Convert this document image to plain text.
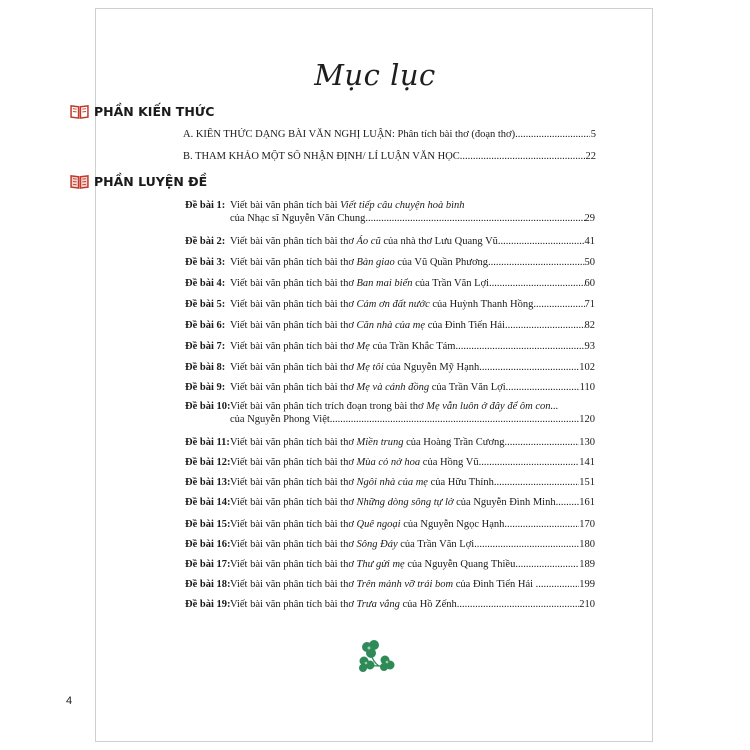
Mục lục
PHẦN KIẾN THỨC
A. KIẾN THỨC DẠNG BÀI VĂN NGHỊ LUẬN: Phân tích bài thơ (đoạn thơ) .....	5
B. THAM KHẢO MỘT SỐ NHẬN ĐỊNH/ LÍ LUẬN VĂN HỌC .....	22
PHẦN LUYỆN ĐỀ
Đề bài 1: Viết bài văn phân tích bài Viết tiếp câu chuyện hoà bình
của Nhạc sĩ Nguyễn Văn Chung .....	29
Đề bài 2: Viết bài văn phân tích bài thơ Áo cũ của nhà thơ Lưu Quang Vũ .....	41
Đề bài 3: Viết bài văn phân tích bài thơ Bàn giao của Vũ Quần Phương .....	50
Đề bài 4: Viết bài văn phân tích bài thơ Ban mai biển của Trần Văn Lợi .....	60
Đề bài 5: Viết bài văn phân tích bài thơ Cảm ơn đất nước của Huỳnh Thanh Hồng .....	71
Đề bài 6: Viết bài văn phân tích bài thơ Căn nhà của mẹ của Đinh Tiến Hải .....	82
Đề bài 7: Viết bài văn phân tích bài thơ Mẹ của Trần Khắc Tám .....	93
Đề bài 8: Viết bài văn phân tích bài thơ Mẹ tôi của Nguyễn Mỹ Hạnh .....	102
Đề bài 9: Viết bài văn phân tích bài thơ Mẹ và cánh đồng của Trần Văn Lợi .....	110
Đề bài 10: Viết bài văn phân tích trích đoạn trong bài thơ Mẹ vẫn luôn ở đây để ôm con...
của Nguyễn Phong Việt .....	120
Đề bài 11: Viết bài văn phân tích bài thơ Miền trung của Hoàng Trần Cương .....	130
Đề bài 12: Viết bài văn phân tích bài thơ Mùa cỏ nở hoa của Hồng Vũ .....	141
Đề bài 13: Viết bài văn phân tích bài thơ Ngôi nhà của mẹ của Hữu Thỉnh .....	151
Đề bài 14: Viết bài văn phân tích bài thơ Những dòng sông tự lở của Nguyễn Đình Minh ..... 161
Đề bài 15: Viết bài văn phân tích bài thơ Quê ngoại của Nguyễn Ngọc Hạnh .....	170
Đề bài 16: Viết bài văn phân tích bài thơ Sông Đáy của Trần Văn Lợi .....	180
Đề bài 17: Viết bài văn phân tích bài thơ Thư gửi mẹ của Nguyễn Quang Thiều .....	189
Đề bài 18: Viết bài văn phân tích bài thơ Trên mảnh vỡ trái bom của Đinh Tiến Hải .. .....	199
Đề bài 19: Viết bài văn phân tích bài thơ Trưa vắng của Hồ Zếnh .....	210
4
